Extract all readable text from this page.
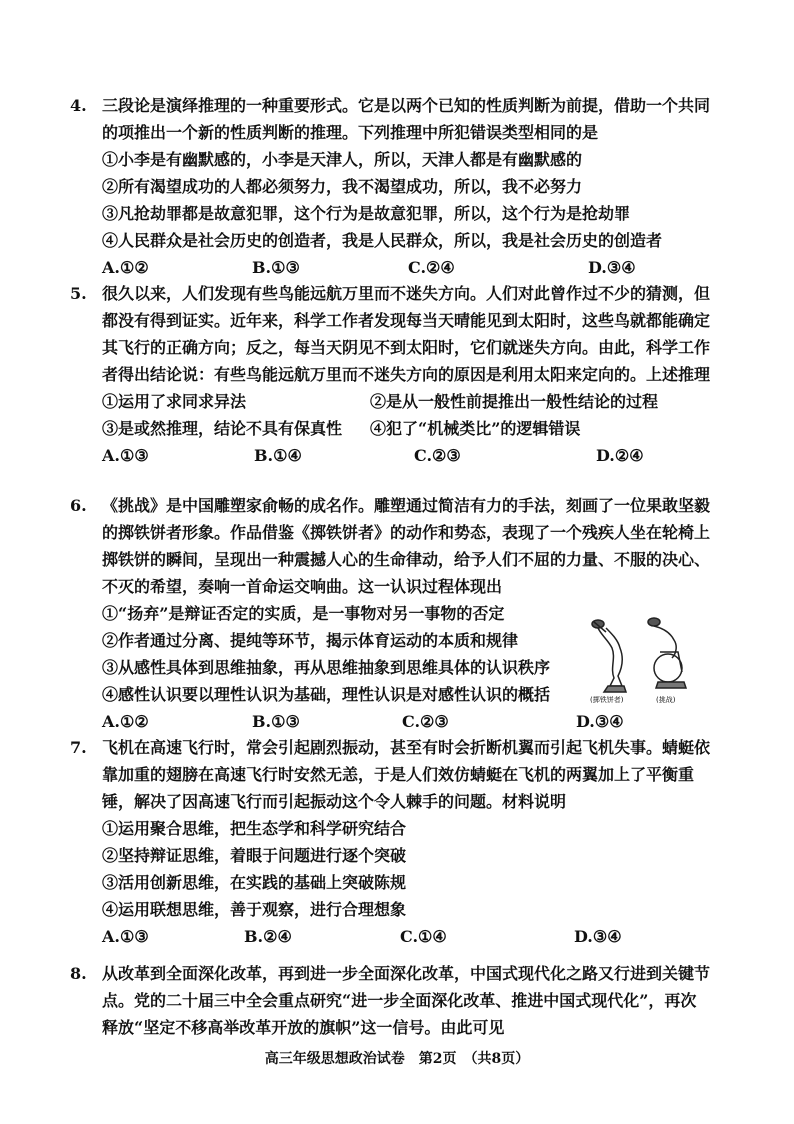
4. 三段论是演绎推理的一种重要形式。它是以两个已知的性质判断为前提，借助一个共同的项推出一个新的性质判断的推理。下列推理中所犯错误类型相同的是
①小李是有幽默感的，小李是天津人，所以，天津人都是有幽默感的
②所有渴望成功的人都必须努力，我不渴望成功，所以，我不必努力
③凡抢劫罪都是故意犯罪，这个行为是故意犯罪，所以，这个行为是抢劫罪
④人民群众是社会历史的创造者，我是人民群众，所以，我是社会历史的创造者
A.①②	B.①③	C.②④	D.③④
5. 很久以来，人们发现有些鸟能远航万里而不迷失方向。人们对此曾作过不少的猜测，但都没有得到证实。近年来，科学工作者发现每当天晴能见到太阳时，这些鸟就都能确定其飞行的正确方向；反之，每当天阴见不到太阳时，它们就迷失方向。由此，科学工作者得出结论说：有些鸟能远航万里而不迷失方向的原因是利用太阳来定向的。上述推理
①运用了求同求异法	②是从一般性前提推出一般性结论的过程
③是或然推理，结论不具有保真性 ④犯了“机械类比”的逻辑错误
A.①③	B.①④	C.②③	D.②④
6. 《挑战》是中国雕塑家俞畅的成名作。雕塑通过简洁有力的手法，刻画了一位果敢坚毅的掷铁饼者形象。作品借鉴《掷铁饼者》的动作和势态，表现了一个残疾人坐在轮椅上掷铁饼的瞬间，呈现出一种震撼人心的生命律动，给予人们不屈的力量、不服的决心、不灭的希望，奏响一首命运交响曲。这一认识过程体现出
①“扬弃”是辩证否定的实质，是一事物对另一事物的否定
②作者通过分离、提纯等环节，揭示体育运动的本质和规律
③从感性具体到思维抽象，再从思维抽象到思维具体的认识秩序
④感性认识要以理性认识为基础，理性认识是对感性认识的概括
A.①②	B.①③	C.②③	D.③④
(掷铁饼者)	(挑战)
7. 飞机在高速飞行时，常会引起剧烈振动，甚至有时会折断机翼而引起飞机失事。蜻蜓依靠加重的翅膀在高速飞行时安然无恙，于是人们效仿蜻蜓在飞机的两翼加上了平衡重锤，解决了因高速飞行而引起振动这个令人棘手的问题。材料说明
①运用聚合思维，把生态学和科学研究结合
②坚持辩证思维，着眼于问题进行逐个突破
③活用创新思维，在实践的基础上突破陈规
④运用联想思维，善于观察，进行合理想象
A.①③	B.②④	C.①④	D.③④
8. 从改革到全面深化改革，再到进一步全面深化改革，中国式现代化之路又行进到关键节点。党的二十届三中全会重点研究“进一步全面深化改革、推进中国式现代化”，再次释放“坚定不移高举改革开放的旗帜”这一信号。由此可见
高三年级思想政治试卷　第2页　（共8页）
